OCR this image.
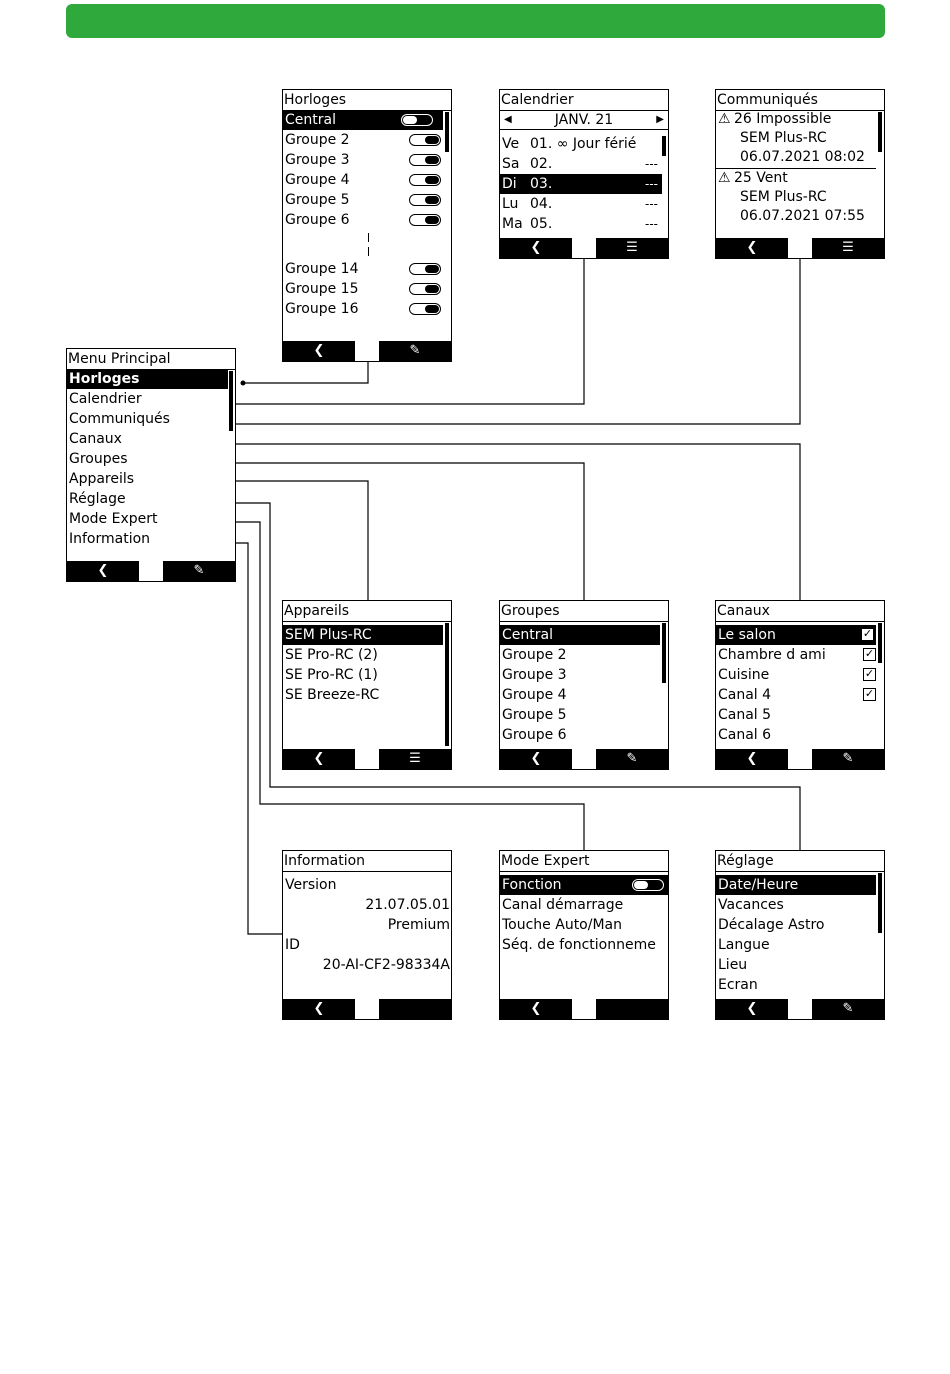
Menu Principal
Horloges
Calendrier
Communiqués
Canaux
Groupes
Appareils
Réglage
Mode Expert
Information
❮	✎
Horloges
Central
Groupe 2
Groupe 3
Groupe 4
Groupe 5
Groupe 6
Groupe 14
Groupe 15
Groupe 16
❮	✎
Calendrier
◀	JANV. 21	▶
Ve 01. ∞ Jour férié
Sa 02.	---
Di 03.	---
Lu 04.	---
Ma 05.	---
❮	☰
Communiqués
⚠ 26 Impossible
SEM Plus-RC
06.07.2021 08:02
⚠ 25 Vent
SEM Plus-RC
06.07.2021 07:55
❮	☰
Appareils
SEM Plus-RC
SE Pro-RC (2)
SE Pro-RC (1)
SE Breeze-RC
❮	☰
Groupes
Central
Groupe 2
Groupe 3
Groupe 4
Groupe 5
Groupe 6
❮	✎
Canaux
Le salon	✓
Chambre d ami	✓
Cuisine	✓
Canal 4	✓
Canal 5
Canal 6
❮	✎
Information
Version
21.07.05.01
Premium
ID
20-AI-CF2-98334A
❮
Mode Expert
Fonction
Canal démarrage
Touche Auto/Man
Séq. de fonctionneme
❮
Réglage
Date/Heure
Vacances
Décalage Astro
Langue
Lieu
Ecran
❮	✎
